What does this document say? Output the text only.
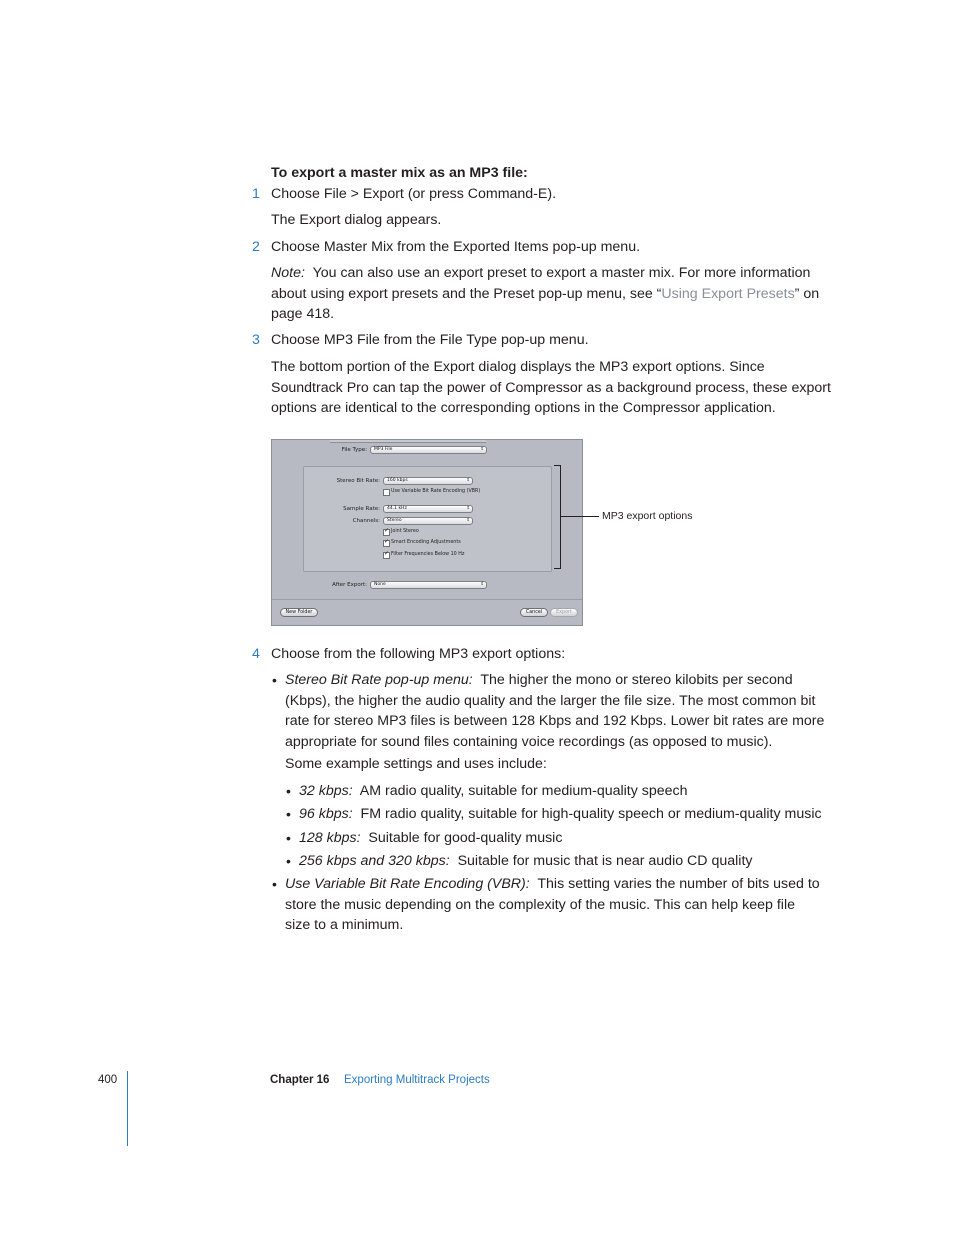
To export a master mix as an MP3 file:
1 Choose File > Export (or press Command-E).
The Export dialog appears.
2 Choose Master Mix from the Exported Items pop-up menu.
Note: You can also use an export preset to export a master mix. For more information
about using export presets and the Preset pop-up menu, see “Using Export Presets” on
page 418.
3 Choose MP3 File from the File Type pop-up menu.
The bottom portion of the Export dialog displays the MP3 export options. Since
Soundtrack Pro can tap the power of Compressor as a background process, these export
options are identical to the corresponding options in the Compressor application.
File Type:	MP3 File	⇕
Stereo Bit Rate:	160 kbps	⇕
Use Variable Bit Rate Encoding (VBR)
Sample Rate:	44.1 kHz	⇕
Channels:	Stereo	⇕
✓
Joint Stereo
✓
Smart Encoding Adjustments
✓
Filter Frequencies Below 10 Hz
After Export:	None	⇕
New Folder	Cancel	Export
MP3 export options
4 Choose from the following MP3 export options:
• Stereo Bit Rate pop-up menu: The higher the mono or stereo kilobits per second
(Kbps), the higher the audio quality and the larger the file size. The most common bit
rate for stereo MP3 files is between 128 Kbps and 192 Kbps. Lower bit rates are more
appropriate for sound files containing voice recordings (as opposed to music).
Some example settings and uses include:
• 32 kbps: AM radio quality, suitable for medium-quality speech
• 96 kbps: FM radio quality, suitable for high-quality speech or medium-quality music
• 128 kbps: Suitable for good-quality music
• 256 kbps and 320 kbps: Suitable for music that is near audio CD quality
• Use Variable Bit Rate Encoding (VBR): This setting varies the number of bits used to
store the music depending on the complexity of the music. This can help keep file
size to a minimum.
400	Chapter 16 Exporting Multitrack Projects
